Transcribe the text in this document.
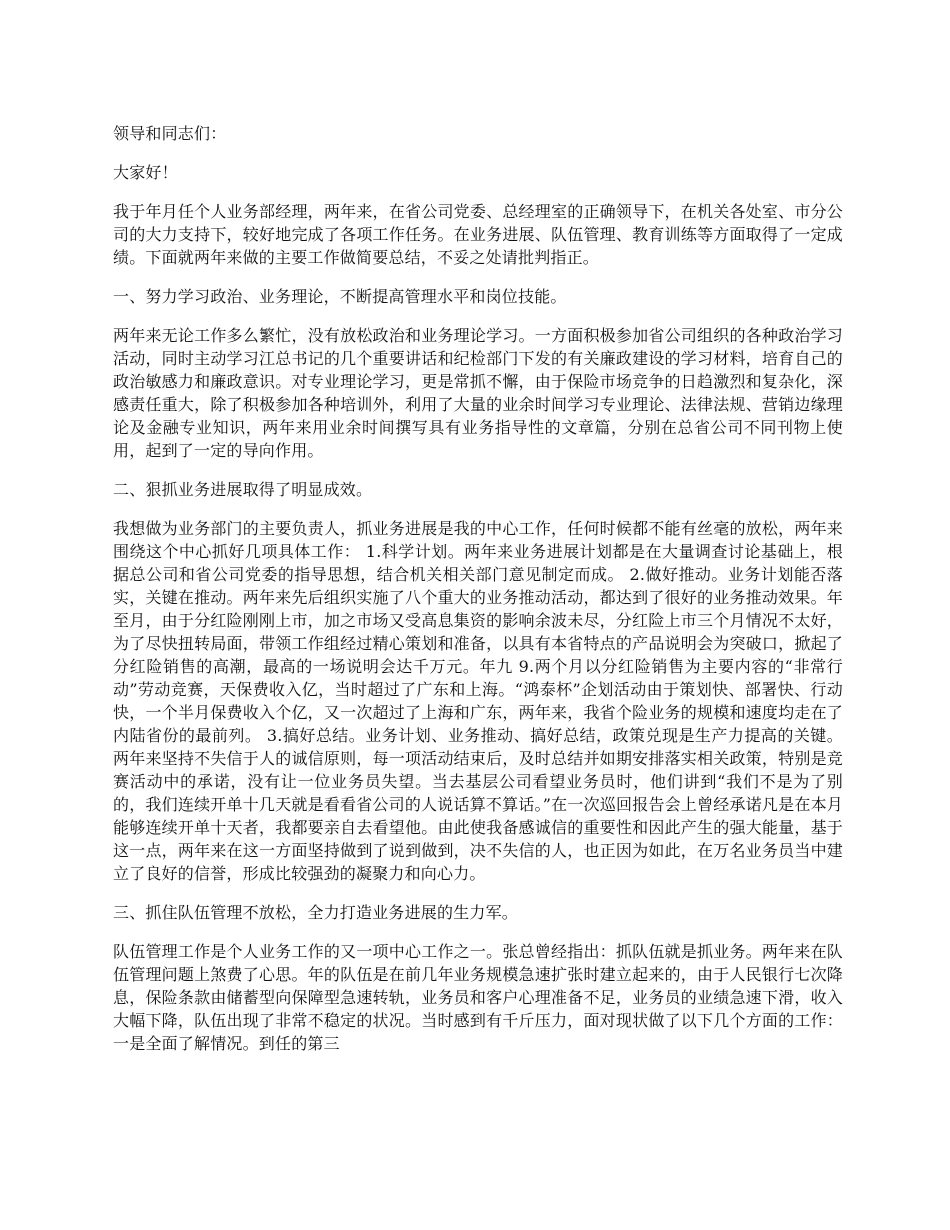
领导和同志们：

大家好！

我于年月任个人业务部经理，两年来，在省公司党委、总经理室的正确领导下，在机关各处室、市分公司的大力支持下，较好地完成了各项工作任务。在业务进展、队伍管理、教育训练等方面取得了一定成绩。下面就两年来做的主要工作做简要总结，不妥之处请批判指正。

一、努力学习政治、业务理论，不断提高管理水平和岗位技能。

两年来无论工作多么繁忙，没有放松政治和业务理论学习。一方面积极参加省公司组织的各种政治学习活动，同时主动学习江总书记的几个重要讲话和纪检部门下发的有关廉政建设的学习材料，培育自己的政治敏感力和廉政意识。对专业理论学习，更是常抓不懈，由于保险市场竞争的日趋激烈和复杂化，深感责任重大，除了积极参加各种培训外，利用了大量的业余时间学习专业理论、法律法规、营销边缘理论及金融专业知识，两年来用业余时间撰写具有业务指导性的文章篇，分别在总省公司不同刊物上使用，起到了一定的导向作用。

二、狠抓业务进展取得了明显成效。

我想做为业务部门的主要负责人，抓业务进展是我的中心工作，任何时候都不能有丝毫的放松，两年来围绕这个中心抓好几项具体工作： 1.科学计划。两年来业务进展计划都是在大量调查讨论基础上，根据总公司和省公司党委的指导思想，结合机关相关部门意见制定而成。 2.做好推动。业务计划能否落实，关键在推动。两年来先后组织实施了八个重大的业务推动活动，都达到了很好的业务推动效果。年至月，由于分红险刚刚上市，加之市场又受高息集资的影响余波未尽，分红险上市三个月情况不太好，为了尽快扭转局面，带领工作组经过精心策划和准备，以具有本省特点的产品说明会为突破口，掀起了分红险销售的高潮，最高的一场说明会达千万元。年九 9.两个月以分红险销售为主要内容的“非常行动”劳动竞赛，天保费收入亿，当时超过了广东和上海。“鸿泰杯”企划活动由于策划快、部署快、行动快，一个半月保费收入个亿，又一次超过了上海和广东，两年来，我省个险业务的规模和速度均走在了内陆省份的最前列。 3.搞好总结。业务计划、业务推动、搞好总结，政策兑现是生产力提高的关键。两年来坚持不失信于人的诚信原则，每一项活动结束后，及时总结并如期安排落实相关政策，特别是竞赛活动中的承诺，没有让一位业务员失望。当去基层公司看望业务员时，他们讲到“我们不是为了别的，我们连续开单十几天就是看看省公司的人说话算不算话。”在一次巡回报告会上曾经承诺凡是在本月能够连续开单十天者，我都要亲自去看望他。由此使我备感诚信的重要性和因此产生的强大能量，基于这一点，两年来在这一方面坚持做到了说到做到，决不失信的人，也正因为如此，在万名业务员当中建立了良好的信誉，形成比较强劲的凝聚力和向心力。

三、抓住队伍管理不放松，全力打造业务进展的生力军。

队伍管理工作是个人业务工作的又一项中心工作之一。张总曾经指出：抓队伍就是抓业务。两年来在队伍管理问题上煞费了心思。年的队伍是在前几年业务规模急速扩张时建立起来的，由于人民银行七次降息，保险条款由储蓄型向保障型急速转轨，业务员和客户心理准备不足，业务员的业绩急速下滑，收入大幅下降，队伍出现了非常不稳定的状况。当时感到有千斤压力，面对现状做了以下几个方面的工作：一是全面了解情况。到任的第三
